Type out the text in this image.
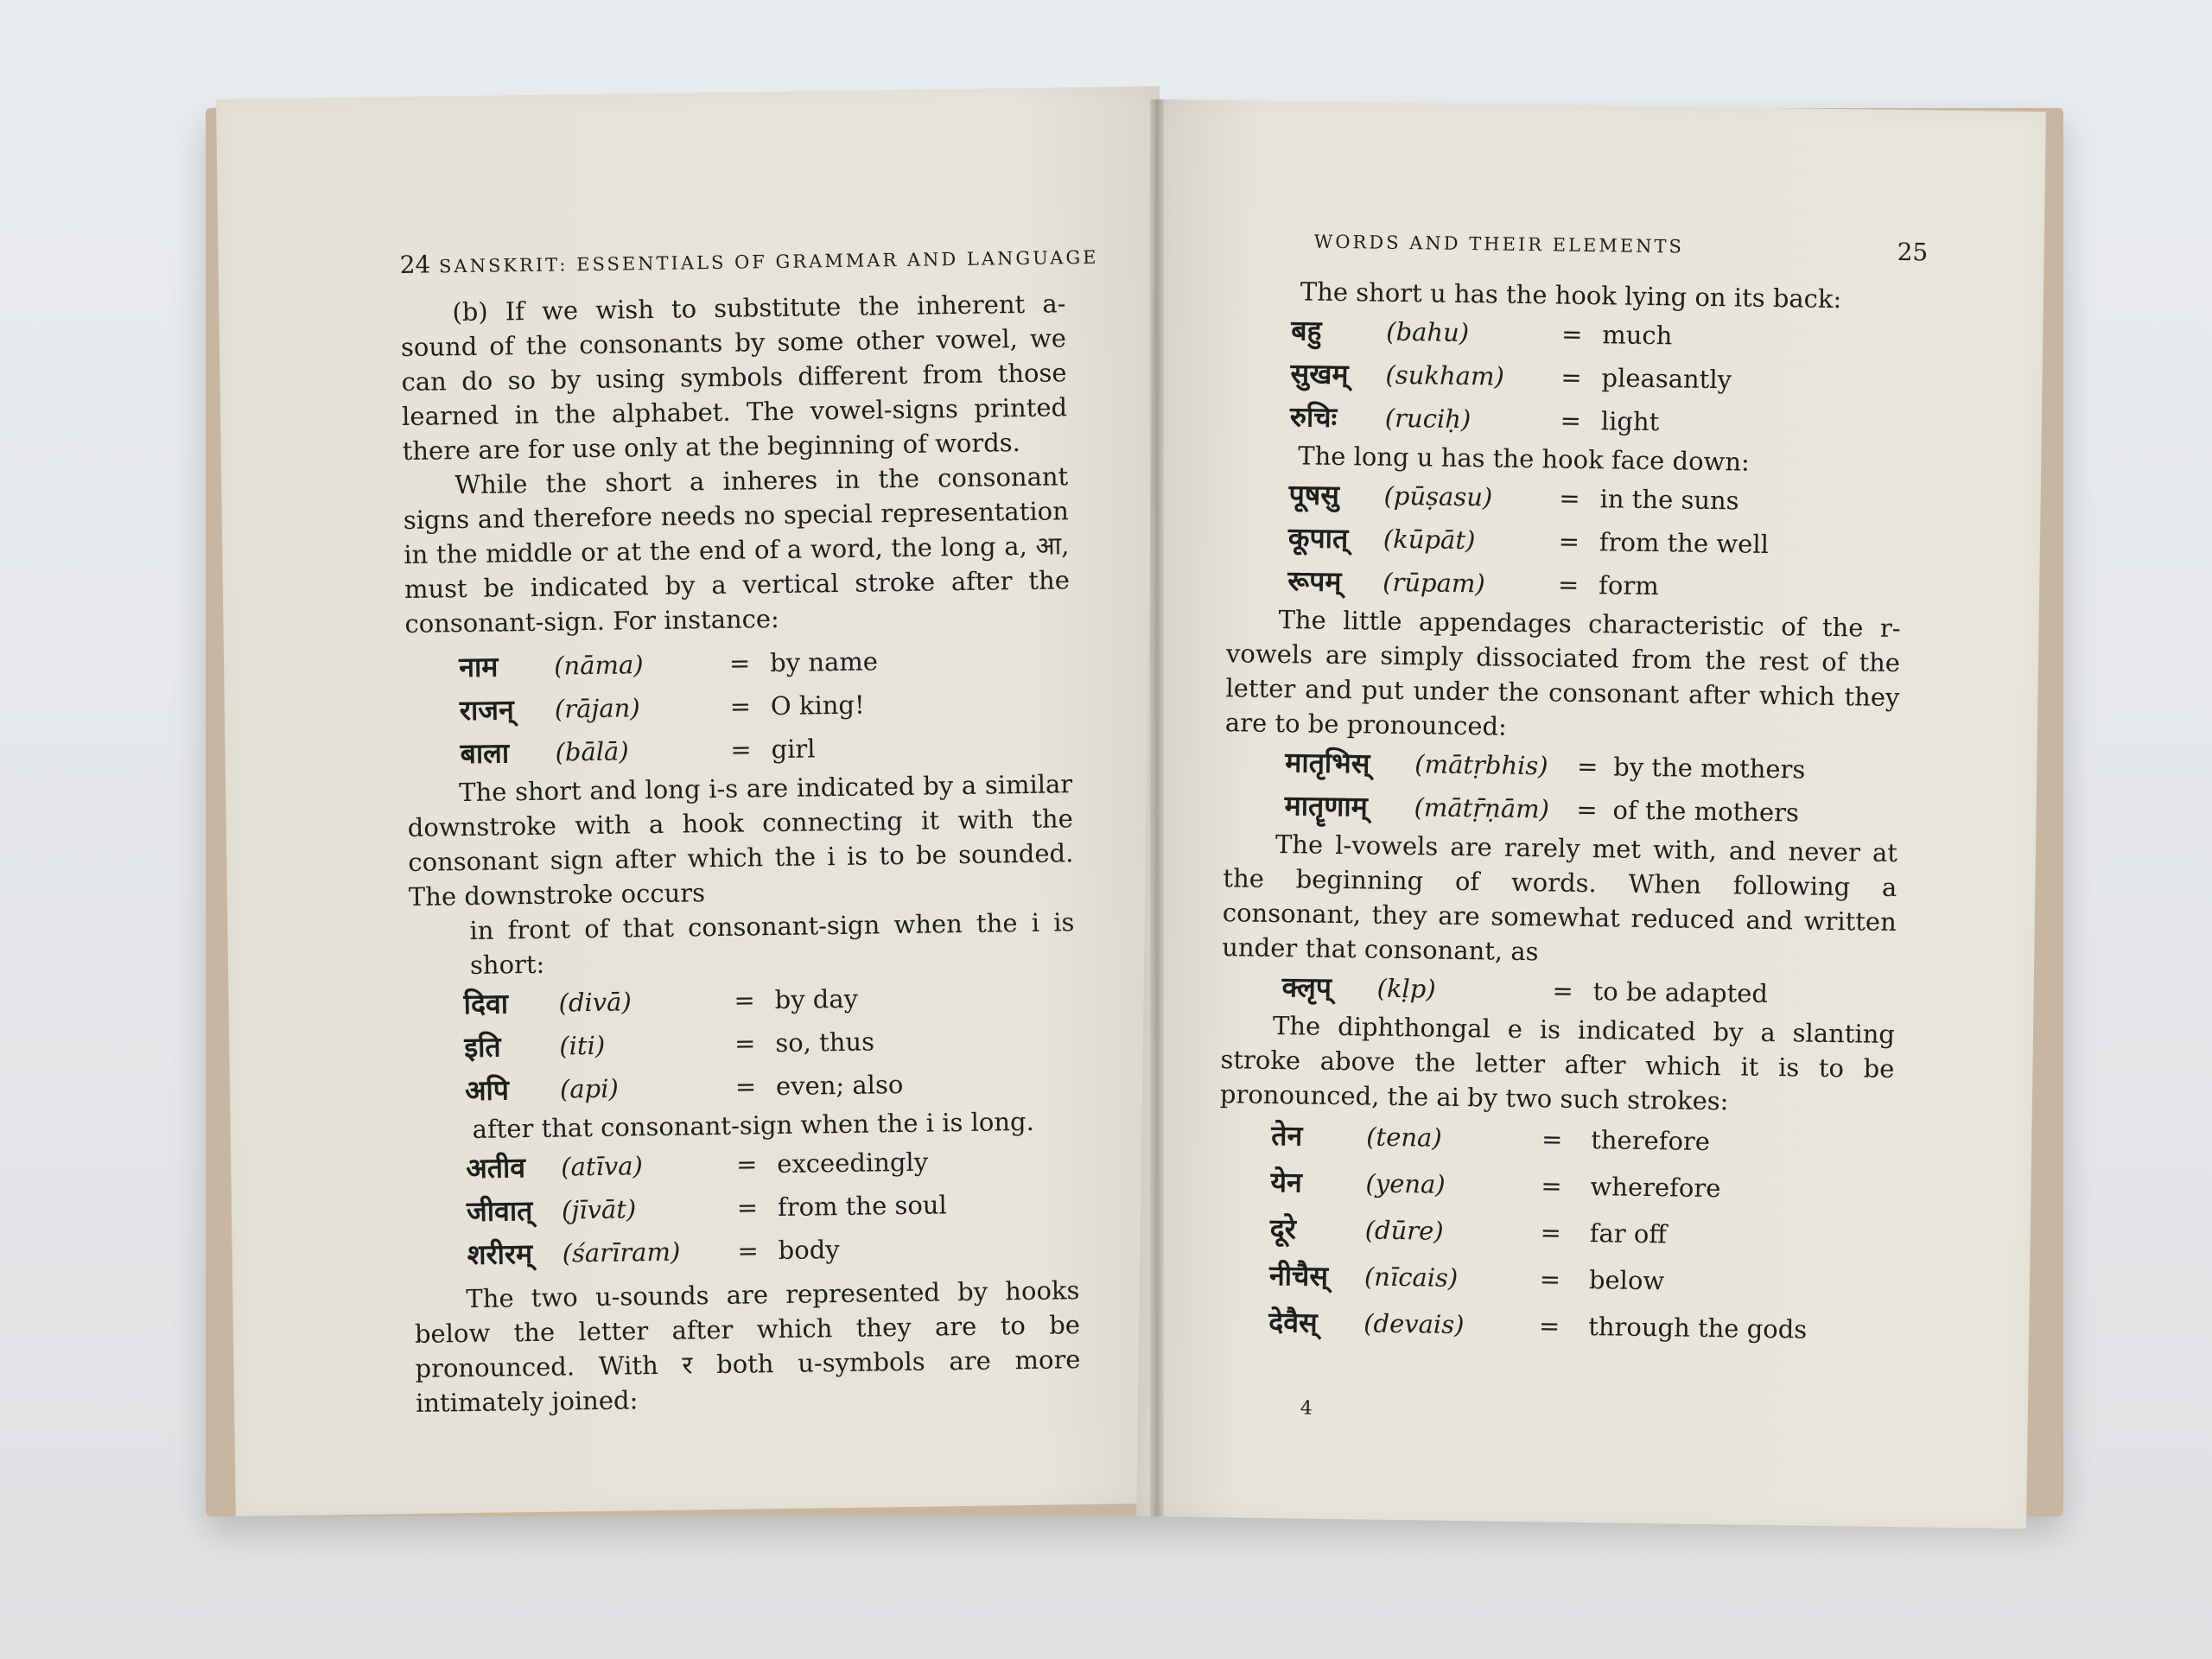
24 SANSKRIT: ESSENTIALS OF GRAMMAR AND LANGUAGE

(b) If we wish to substitute the inherent a-sound of the consonants by some other vowel, we can do so by using symbols different from those learned in the alphabet. The vowel-signs printed there are for use only at the beginning of words.

While the short a inheres in the consonant signs and therefore needs no special representation in the middle or at the end of a word, the long a, आ, must be indicated by a vertical stroke after the consonant-sign. For instance:

नाम	(nāma)	= by name
राजन्	(rājan)	= O king!
बाला	(bālā)	= girl

The short and long i-s are indicated by a similar downstroke with a hook connecting it with the consonant sign after which the i is to be sounded. The downstroke occurs

in front of that consonant-sign when the i is short:

दिवा	(divā)	= by day
इति	(iti)	= so, thus
अपि	(api)	= even; also

after that consonant-sign when the i is long.

अतीव	(atīva)	= exceedingly
जीवात्	(jīvāt)	= from the soul
शरीरम्	(śarīram)	= body

The two u-sounds are represented by hooks below the letter after which they are to be pronounced. With र both u-symbols are more intimately joined:

WORDS AND THEIR ELEMENTS	25

The short u has the hook lying on its back:

बहु	(bahu)	= much
सुखम्	(sukham)	= pleasantly
रुचिः	(ruciḥ)	= light

The long u has the hook face down:

पूषसु	(pūṣasu)	= in the suns
कूपात्	(kūpāt)	= from the well
रूपम्	(rūpam)	= form

The little appendages characteristic of the r-vowels are simply dissociated from the rest of the letter and put under the consonant after which they are to be pronounced:

मातृभिस्	(mātṛbhis)	= by the mothers
मातॄणाम्	(mātṝṇām)	= of the mothers

The l-vowels are rarely met with, and never at the beginning of words. When following a consonant, they are somewhat reduced and written under that consonant, as

क्लृप्	(kḷp)	= to be adapted

The diphthongal e is indicated by a slanting stroke above the letter after which it is to be pronounced, the ai by two such strokes:

तेन	(tena)	=	therefore
येन	(yena)	=	wherefore
दूरे	(dūre)	=	far off
नीचैस्	(nīcais)	=	below
देवैस्	(devais)	=	through the gods
4
